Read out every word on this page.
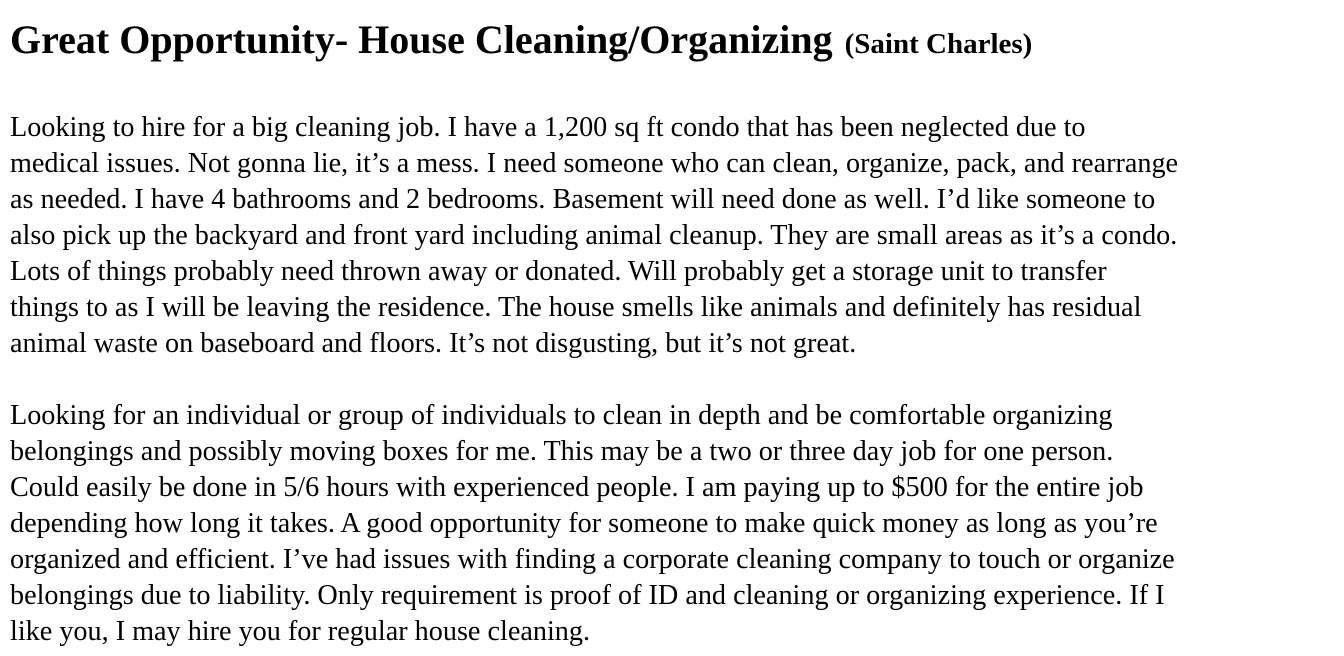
Great Opportunity- House Cleaning/Organizing (Saint Charles)

Looking to hire for a big cleaning job. I have a 1,200 sq ft condo that has been neglected due to
medical issues. Not gonna lie, it’s a mess. I need someone who can clean, organize, pack, and rearrange
as needed. I have 4 bathrooms and 2 bedrooms. Basement will need done as well. I’d like someone to
also pick up the backyard and front yard including animal cleanup. They are small areas as it’s a condo.
Lots of things probably need thrown away or donated. Will probably get a storage unit to transfer
things to as I will be leaving the residence. The house smells like animals and definitely has residual
animal waste on baseboard and floors. It’s not disgusting, but it’s not great.

Looking for an individual or group of individuals to clean in depth and be comfortable organizing
belongings and possibly moving boxes for me. This may be a two or three day job for one person.
Could easily be done in 5/6 hours with experienced people. I am paying up to $500 for the entire job
depending how long it takes. A good opportunity for someone to make quick money as long as you’re
organized and efficient. I’ve had issues with finding a corporate cleaning company to touch or organize
belongings due to liability. Only requirement is proof of ID and cleaning or organizing experience. If I
like you, I may hire you for regular house cleaning.
